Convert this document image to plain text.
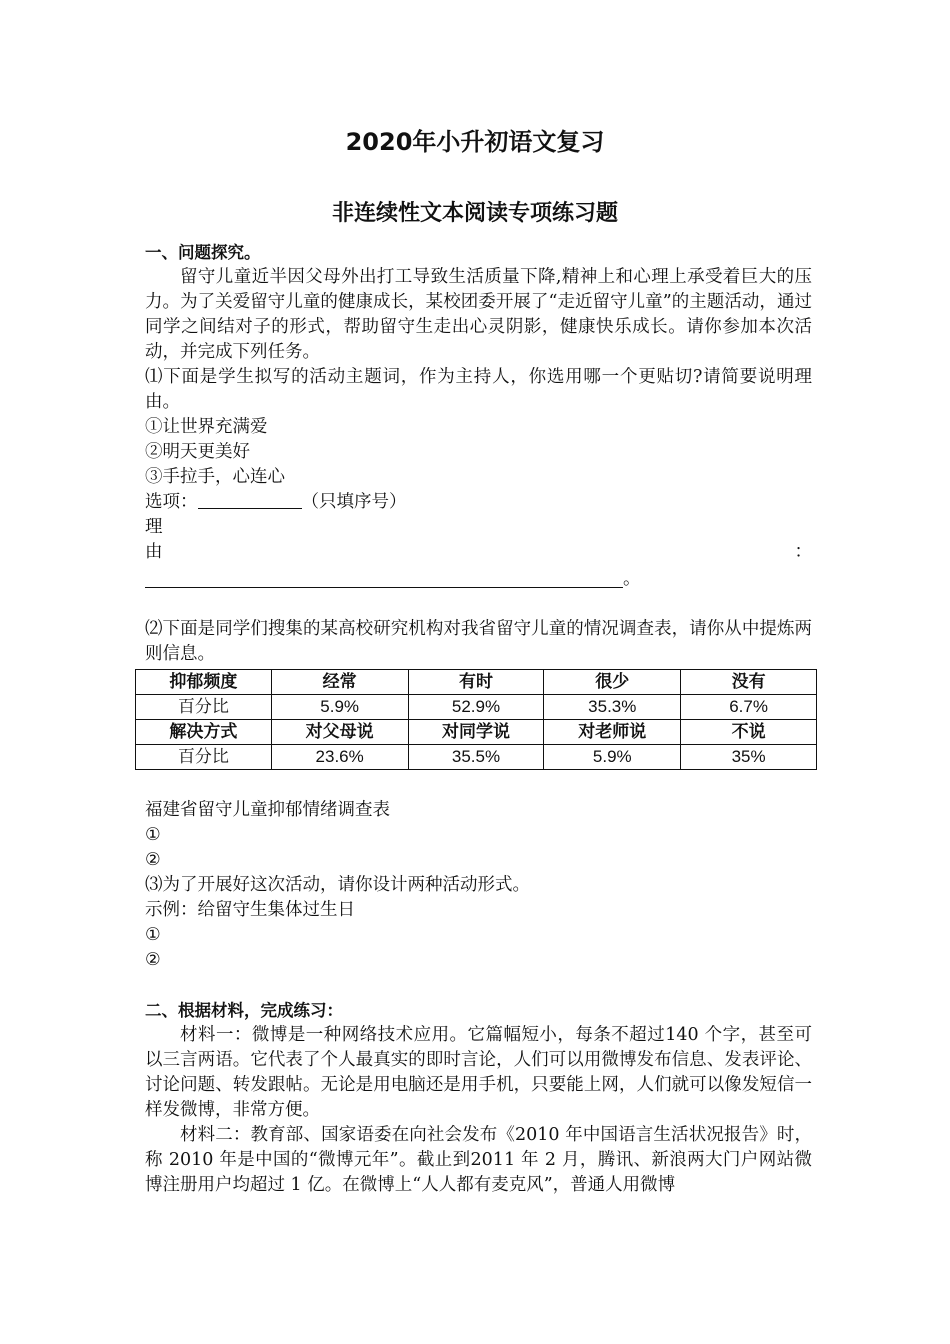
2020年小升初语文复习
非连续性文本阅读专项练习题
一、问题探究。
留守儿童近半因父母外出打工导致生活质量下降,精神上和心理上承受着巨大的压力。为了关爱留守儿童的健康成长，某校团委开展了“走近留守儿童”的主题活动，通过同学之间结对子的形式，帮助留守生走出心灵阴影，健康快乐成长。请你参加本次活动，并完成下列任务。
⑴下面是学生拟写的活动主题词，作为主持人，你选用哪一个更贴切?请简要说明理由。
①让世界充满爱
②明天更美好
③手拉手，心连心
选项：	（只填序号）
理
由	：
。
⑵下面是同学们搜集的某高校研究机构对我省留守儿童的情况调查表，请你从中提炼两则信息。
抑郁频度	经常	有时	很少	没有
百分比	5.9%	52.9%	35.3%	6.7%
解决方式	对父母说	对同学说	对老师说	不说
百分比	23.6%	35.5%	5.9%	35%
福建省留守儿童抑郁情绪调查表
①
②
⑶为了开展好这次活动，请你设计两种活动形式。
示例：给留守生集体过生日
①
②
二、根据材料，完成练习：
材料一：微博是一种网络技术应用。它篇幅短小，每条不超过140 个字，甚至可以三言两语。它代表了个人最真实的即时言论，人们可以用微博发布信息、发表评论、讨论问题、转发跟帖。无论是用电脑还是用手机，只要能上网，人们就可以像发短信一样发微博，非常方便。
材料二：教育部、国家语委在向社会发布《2010 年中国语言生活状况报告》时，称 2010 年是中国的“微博元年”。截止到2011 年 2 月，腾讯、新浪两大门户网站微博注册用户均超过 1 亿。在微博上“人人都有麦克风”，普通人用微博
